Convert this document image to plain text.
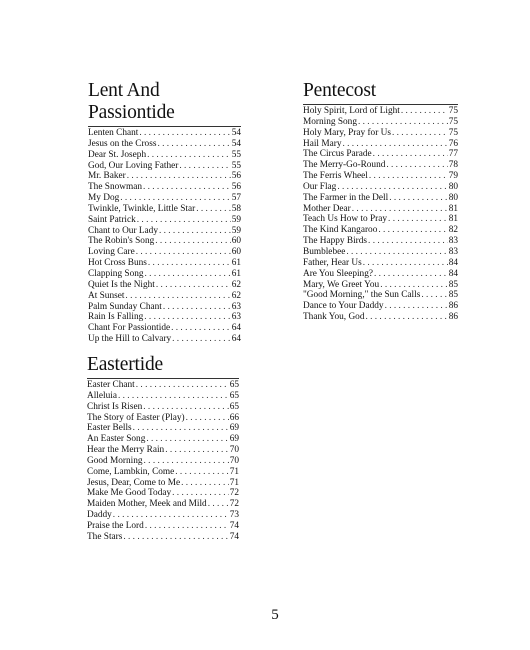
Lent And Passiontide
Lenten Chant . . .	54
Jesus on the Cross . . .	54
Dear St. Joseph . . .	55
God, Our Loving Father . . .	55
Mr. Baker . . .	56
The Snowman . . .	56
My Dog . . .	57
Twinkle, Twinkle, Little Star . . .	58
Saint Patrick . . .	59
Chant to Our Lady . . .	59
The Robin's Song . . .	60
Loving Care . . .	60
Hot Cross Buns . . .	61
Clapping Song . . .	61
Quiet Is the Night . . .	62
At Sunset . . .	62
Palm Sunday Chant . . .	63
Rain Is Falling . . .	63
Chant For Passiontide . . .	64
Up the Hill to Calvary . . .	64
Pentecost
Holy Spirit, Lord of Light . . .	75
Morning Song . . .	75
Holy Mary, Pray for Us . . .	75
Hail Mary . . .	76
The Circus Parade . . .	77
The Merry-Go-Round . . .	78
The Ferris Wheel . . .	79
Our Flag . . .	80
The Farmer in the Dell . . .	80
Mother Dear . . .	81
Teach Us How to Pray . . .	81
The Kind Kangaroo . . .	82
The Happy Birds . . .	83
Bumblebee . . .	83
Father, Hear Us . . .	84
Are You Sleeping? . . .	84
Mary, We Greet You . . .	85
"Good Morning," the Sun Calls . . .	85
Dance to Your Daddy . . .	86
Thank You, God . . .	86
Eastertide
Easter Chant . . .	65
Alleluia . . .	65
Christ Is Risen . . .	65
The Story of Easter (Play) . . .	66
Easter Bells . . .	69
An Easter Song . . .	69
Hear the Merry Rain . . .	70
Good Morning . . .	70
Come, Lambkin, Come . . .	71
Jesus, Dear, Come to Me . . .	71
Make Me Good Today . . .	72
Maiden Mother, Meek and Mild . . . 72
Daddy . . .	73
Praise the Lord . . .	74
The Stars . . .	74
5
